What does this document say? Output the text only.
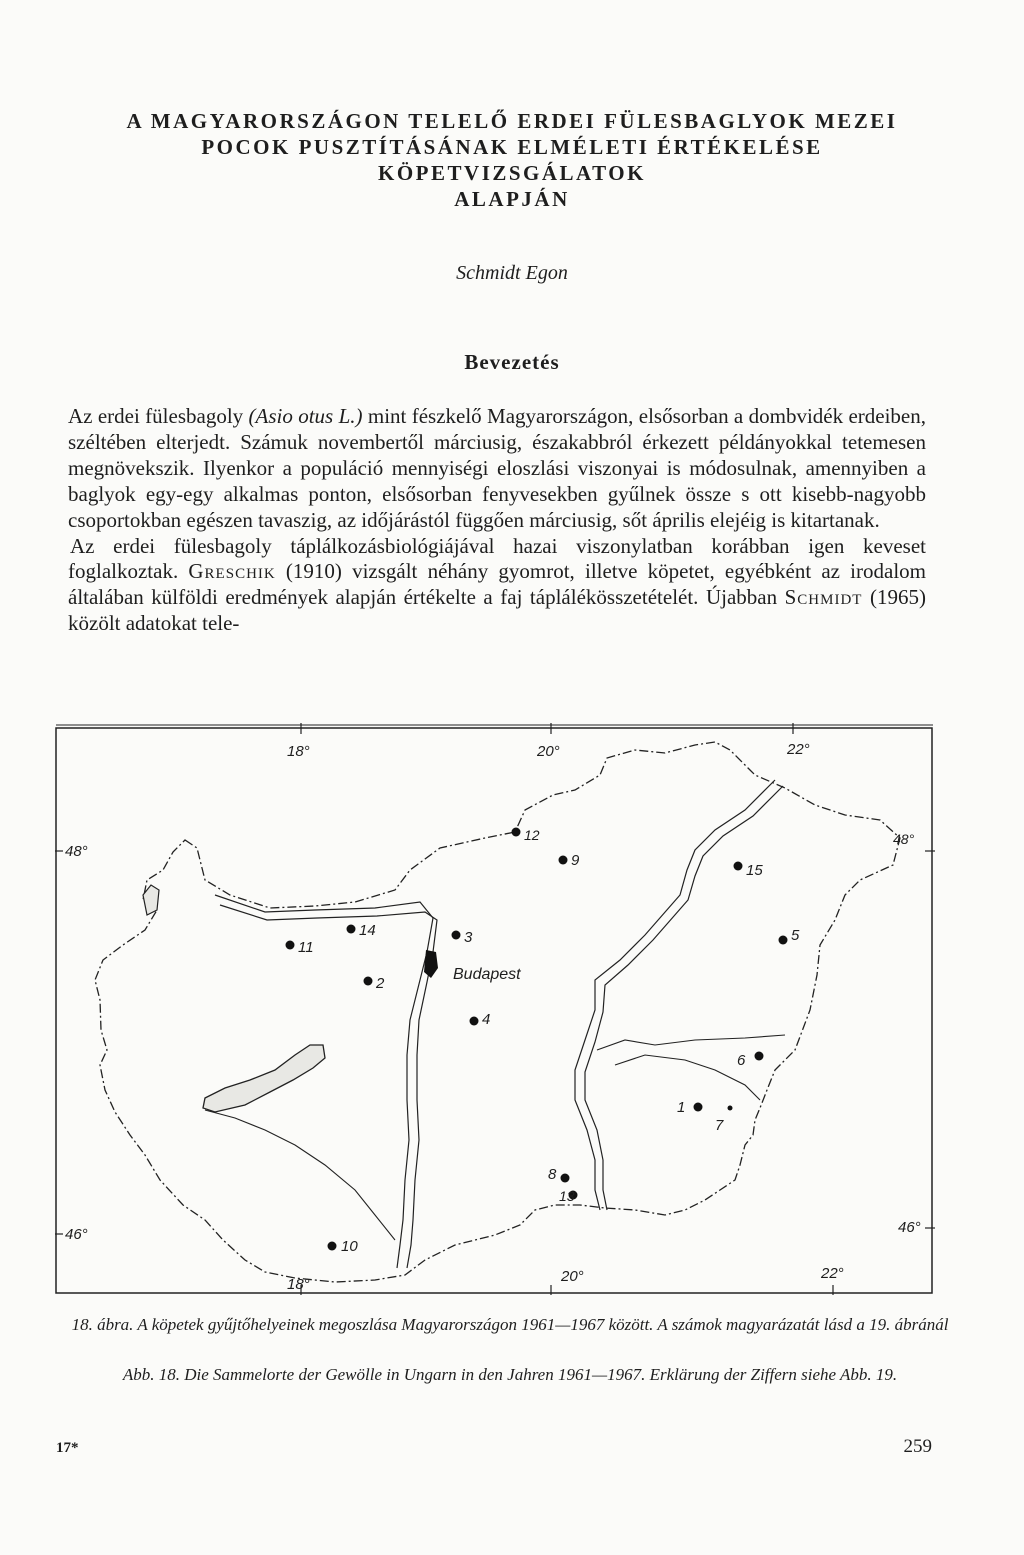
A MAGYARORSZÁGON TELELŐ ERDEI FÜLESBAGLYOK MEZEI
POCOK PUSZTÍTÁSÁNAK ELMÉLETI ÉRTÉKELÉSE
KÖPETVIZSGÁLATOK
ALAPJÁN
Schmidt Egon
Bevezetés

Az erdei fülesbagoly (Asio otus L.) mint fészkelő Magyarországon, elsősorban a dombvidék erdeiben, széltében elterjedt. Számuk novembertől márciusig, északabbról érkezett példányokkal tetemesen megnövekszik. Ilyenkor a populáció mennyiségi eloszlási viszonyai is módosulnak, amennyiben a baglyok egy-egy alkalmas ponton, elsősorban fenyvesekben gyűlnek össze s ott kisebb-nagyobb csoportokban egészen tavaszig, az időjárástól függően márciusig, sőt április elejéig is kitartanak.

Az erdei fülesbagoly táplálkozásbiológiájával hazai viszonylatban korábban igen keveset foglalkoztak. Greschik (1910) vizsgált néhány gyomrot, illetve köpetet, egyébként az irodalom általában külföldi eredmények alapján értékelte a faj táplálékösszetételét. Újabban Schmidt (1965) közölt adatokat tele-

18°	20°	22°
18°	20°	22°
48°
46°
48°
46°
Budapest
1
2
3
4
5
6
7
8
9
10
11
12
13
14
15
18. ábra. A köpetek gyűjtőhelyeinek megoszlása Magyarországon 1961—1967 között. A számok magyarázatát lásd a 19. ábránál
Abb. 18. Die Sammelorte der Gewölle in Ungarn in den Jahren 1961—1967. Erklärung der Ziffern siehe Abb. 19.
17*	259
